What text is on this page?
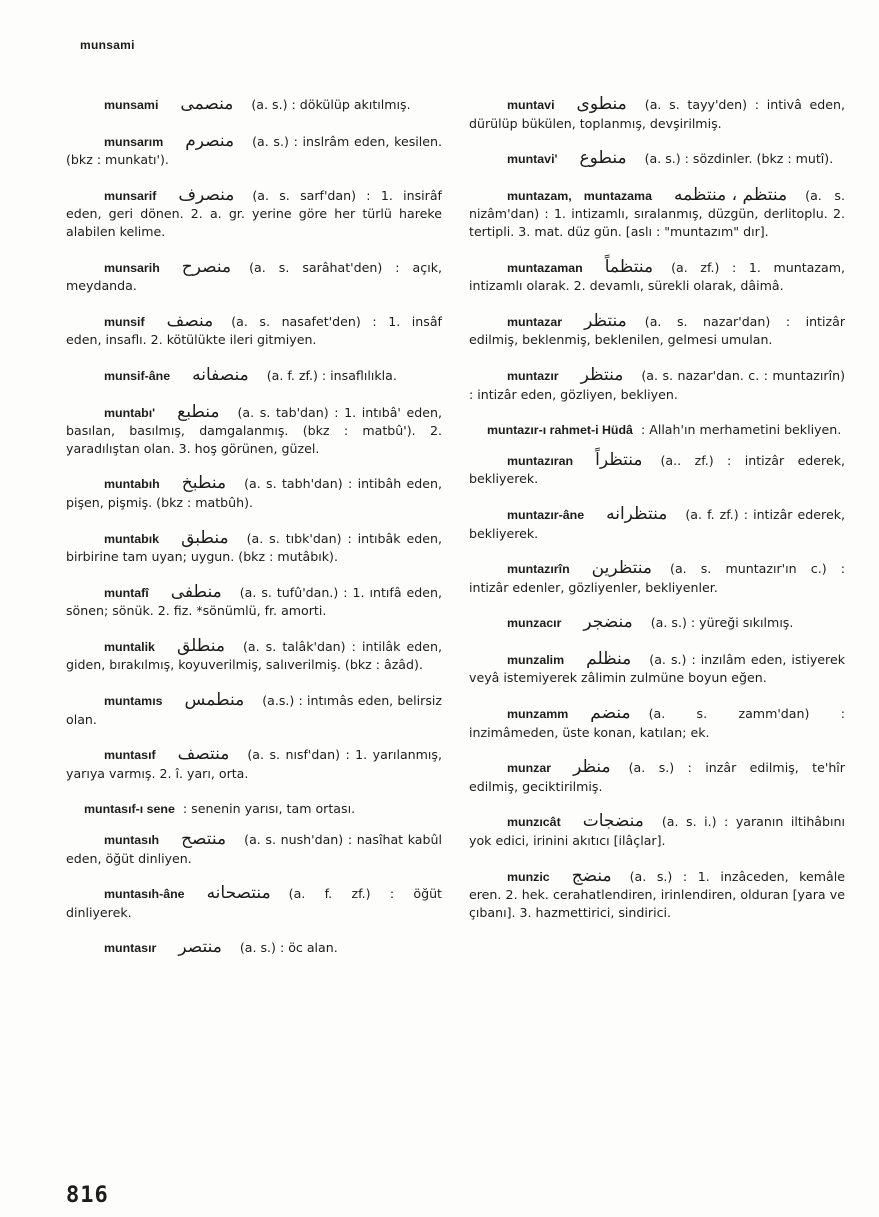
munsami
munsami منصمی (a. s.) : dökülüp akıtılmış.
munsarım منصرم (a. s.) : inslrâm eden, kesilen. (bkz : munkatı').
munsarif منصرف (a. s. sarf'dan) : 1. insirâf eden, geri dönen. 2. a. gr. yerine göre her türlü hareke alabilen kelime.
munsarih منصرح (a. s. sarâhat'den) : açık, meydanda.
munsif منصف (a. s. nasafet'den) : 1. insâf eden, insaflı. 2. kötülükte ileri gitmiyen.
munsif-âne منصفانه (a. f. zf.) : insaflılıkla.
muntabı' منطبع (a. s. tab'dan) : 1. intıbâ' eden, basılan, basılmış, damgalanmış. (bkz : matbû'). 2. yaradılıştan olan. 3. hoş görünen, güzel.
muntabıh منطبخ (a. s. tabh'dan) : intibâh eden, pişen, pişmiş. (bkz : matbûh).
muntabık منطبق (a. s. tıbk'dan) : intıbâk eden, birbirine tam uyan; uygun. (bkz : mutâbık).
muntafî منطفی (a. s. tufû'dan.) : 1. ıntıfâ eden, sönen; sönük. 2. fiz. *sönümlü, fr. amorti.
muntalik منطلق (a. s. talâk'dan) : intilâk eden, giden, bırakılmış, koyuverilmiş, salıverilmiş. (bkz : âzâd).
muntamıs منطمس (a.s.) : intımâs eden, belirsiz olan.
muntasıf منتصف (a. s. nısf'dan) : 1. yarılanmış, yarıya varmış. 2. î. yarı, orta.
muntasıf-ı sene : senenin yarısı, tam ortası.
muntasıh منتصح (a. s. nush'dan) : nasîhat kabûl eden, öğüt dinliyen.
muntasıh-âne منتصحانه (a. f. zf.) : öğüt dinliyerek.
muntasır منتصر (a. s.) : öc alan.
muntavi منطوی (a. s. tayy'den) : intivâ eden, dürülüp bükülen, toplanmış, devşirilmiş.
muntavi' منطوع (a. s.) : sözdinler. (bkz : mutî).
muntazam, muntazama منتظم ، منتظمه (a. s. nizâm'dan) : 1. intizamlı, sıralanmış, düzgün, derlitoplu. 2. tertipli. 3. mat. düz gün. [aslı : "muntazım" dır].
muntazaman منتظماً (a. zf.) : 1. muntazam, intizamlı olarak. 2. devamlı, sürekli olarak, dâimâ.
muntazar منتظر (a. s. nazar'dan) : intizâr edilmiş, beklenmiş, beklenilen, gelmesi umulan.
muntazır منتظر (a. s. nazar'dan. c. : muntazırîn) : intizâr eden, gözliyen, bekliyen.
muntazır-ı rahmet-i Hüdâ : Allah'ın merhametini bekliyen.
muntazıran منتظراً (a.. zf.) : intizâr ederek, bekliyerek.
muntazır-âne منتظرانه (a. f. zf.) : intizâr ederek, bekliyerek.
muntazırîn منتظرین (a. s. muntazır'ın c.) : intizâr edenler, gözliyenler, bekliyenler.
munzacır منضجر (a. s.) : yüreği sıkılmış.
munzalim منظلم (a. s.) : inzılâm eden, istiyerek veyâ istemiyerek zâlimin zulmüne boyun eğen.
munzamm منضم (a. s. zamm'dan) : inzimâmeden, üste konan, katılan; ek.
munzar منظر (a. s.) : inzâr edilmiş, te'hîr edilmiş, geciktirilmiş.
munzıcât منضجات (a. s. i.) : yaranın iltihâbını yok edici, irinini akıtıcı [ilâçlar].
munzic منضج (a. s.) : 1. inzâceden, kemâle eren. 2. hek. cerahatlendiren, irinlendiren, olduran [yara ve çıbanı]. 3. hazmettirici, sindirici.
816
